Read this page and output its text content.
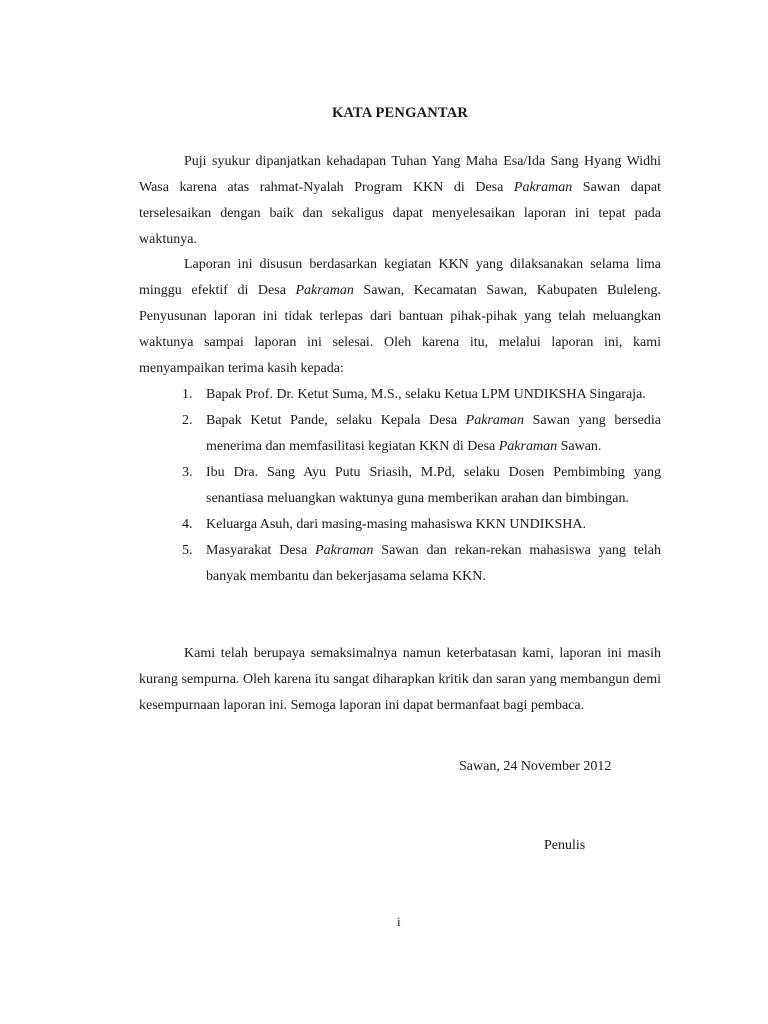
KATA PENGANTAR

Puji syukur dipanjatkan kehadapan Tuhan Yang Maha Esa/Ida Sang Hyang Widhi Wasa karena atas rahmat-Nyalah Program KKN di Desa Pakraman Sawan dapat terselesaikan dengan baik dan sekaligus dapat menyelesaikan laporan ini tepat pada waktunya.

Laporan ini disusun berdasarkan kegiatan KKN yang dilaksanakan selama lima minggu efektif di Desa Pakraman Sawan, Kecamatan Sawan, Kabupaten Buleleng. Penyusunan laporan ini tidak terlepas dari bantuan pihak-pihak yang telah meluangkan waktunya sampai laporan ini selesai. Oleh karena itu, melalui laporan ini, kami menyampaikan terima kasih kepada:

1. Bapak Prof. Dr. Ketut Suma, M.S., selaku Ketua LPM UNDIKSHA Singaraja.
2. Bapak Ketut Pande, selaku Kepala Desa Pakraman Sawan yang bersedia menerima dan memfasilitasi kegiatan KKN di Desa Pakraman Sawan.
3. Ibu Dra. Sang Ayu Putu Sriasih, M.Pd, selaku Dosen Pembimbing yang senantiasa meluangkan waktunya guna memberikan arahan dan bimbingan.
4. Keluarga Asuh, dari masing-masing mahasiswa KKN UNDIKSHA.
5. Masyarakat Desa Pakraman Sawan dan rekan-rekan mahasiswa yang telah banyak membantu dan bekerjasama selama KKN.

Kami telah berupaya semaksimalnya namun keterbatasan kami, laporan ini masih kurang sempurna. Oleh karena itu sangat diharapkan kritik dan saran yang membangun demi kesempurnaan laporan ini. Semoga laporan ini dapat bermanfaat bagi pembaca.

Sawan, 24 November 2012
Penulis
i
